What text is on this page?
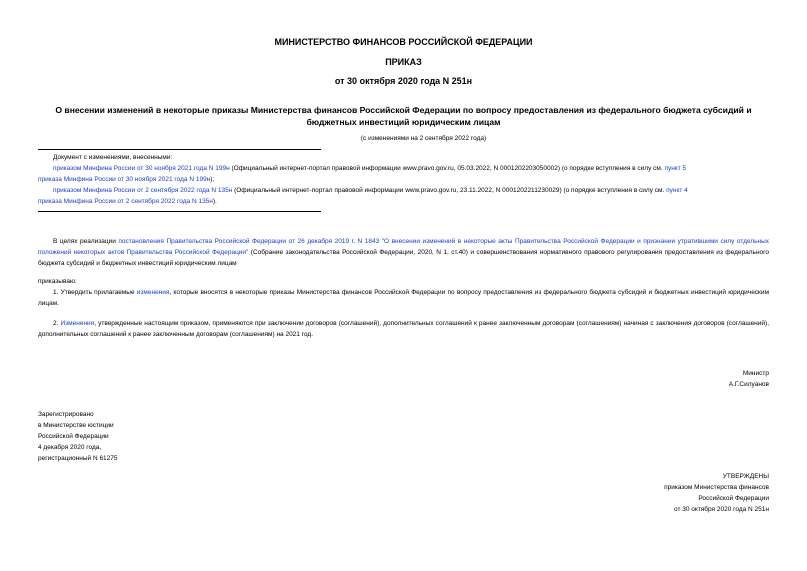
МИНИСТЕРСТВО ФИНАНСОВ РОССИЙСКОЙ ФЕДЕРАЦИИ
ПРИКАЗ
от 30 октября 2020 года N 251н
О внесении изменений в некоторые приказы Министерства финансов Российской Федерации по вопросу предоставления из федерального бюджета субсидий и
бюджетных инвестиций юридическим лицам
(с изменениями на 2 сентября 2022 года)
Документ с изменениями, внесенными:
приказом Минфина России от 30 ноября 2021 года N 199н (Официальный интернет-портал правовой информации www.pravo.gov.ru, 05.03.2022, N 0001202203050002) (о порядке вступления в силу см. пункт 5
приказа Минфина России от 30 ноября 2021 года N 199н);
приказом Минфина России от 2 сентября 2022 года N 135н (Официальный интернет-портал правовой информации www.pravo.gov.ru, 23.11.2022, N 0001202211230029) (о порядке вступления в силу см. пункт 4
приказа Минфина России от 2 сентября 2022 года N 135н).
В целях реализации постановления Правительства Российской Федерации от 26 декабря 2019 г. N 1843 "О внесении изменений в некоторые акты Правительства Российской Федерации и признании утратившими силу отдельных положений некоторых актов Правительства Российской Федерации" (Собрание законодательства Российской Федерации, 2020, N 1, ст.40) и совершенствования нормативного правового регулирования предоставления из федерального бюджета субсидий и бюджетных инвестиций юридическим лицам
приказываю:
1. Утвердить прилагаемые изменения, которые вносятся в некоторые приказы Министерства финансов Российской Федерации по вопросу предоставления из федерального бюджета субсидий и бюджетных инвестиций юридическим лицам.
2. Изменения, утвержденные настоящим приказом, применяются при заключении договоров (соглашений), дополнительных соглашений к ранее заключенным договорам (соглашениям) начиная с заключения договоров (соглашений), дополнительных соглашений к ранее заключенным договорам (соглашениям) на 2021 год.
Министр
А.Г.Силуанов
Зарегистрировано
в Министерстве юстиции
Российской Федерации
4 декабря 2020 года,
регистрационный N 61275
УТВЕРЖДЕНЫ
приказом Министерства финансов
Российской Федерации
от 30 октября 2020 года N 251н
